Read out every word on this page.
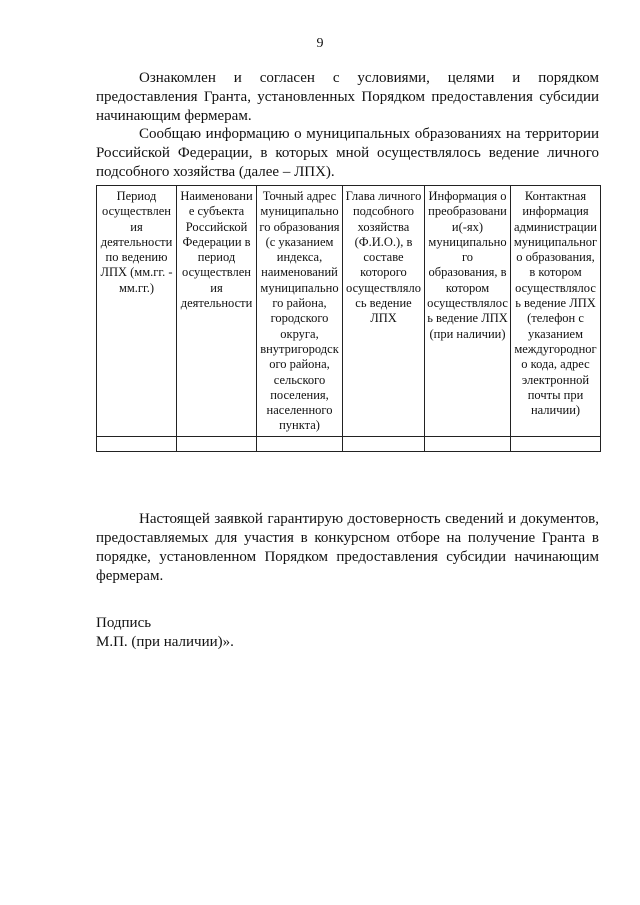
9

Ознакомлен и согласен с условиями, целями и порядком предоставления Гранта, установленных Порядком предоставления субсидии начинающим фермерам.

Сообщаю информацию о муниципальных образованиях на территории Российской Федерации, в которых мной осуществлялось ведение личного подсобного хозяйства (далее – ЛПХ).

Период осуществления деятельности по ведению ЛПХ (мм.гг. - мм.гг.)	Наименование субъекта Российской Федерации в период осуществления деятельности	Точный адрес муниципального образования (с указанием индекса, наименований муниципального района, городского округа, внутригородского района, сельского поселения, населенного пункта)	Глава личного подсобного хозяйства (Ф.И.О.), в составе которого осуществлялось ведение ЛПХ	Информация о преобразовании(-ях) муниципального образования, в котором осуществлялось ведение ЛПХ (при наличии)	Контактная информация администрации муниципального образования, в котором осуществлялось ведение ЛПХ (телефон с указанием междугородного кода, адрес электронной почты при наличии)

Настоящей заявкой гарантирую достоверность сведений и документов, предоставляемых для участия в конкурсном отборе на получение Гранта в порядке, установленном Порядком предоставления субсидии начинающим фермерам.

Подпись
М.П. (при наличии)».
